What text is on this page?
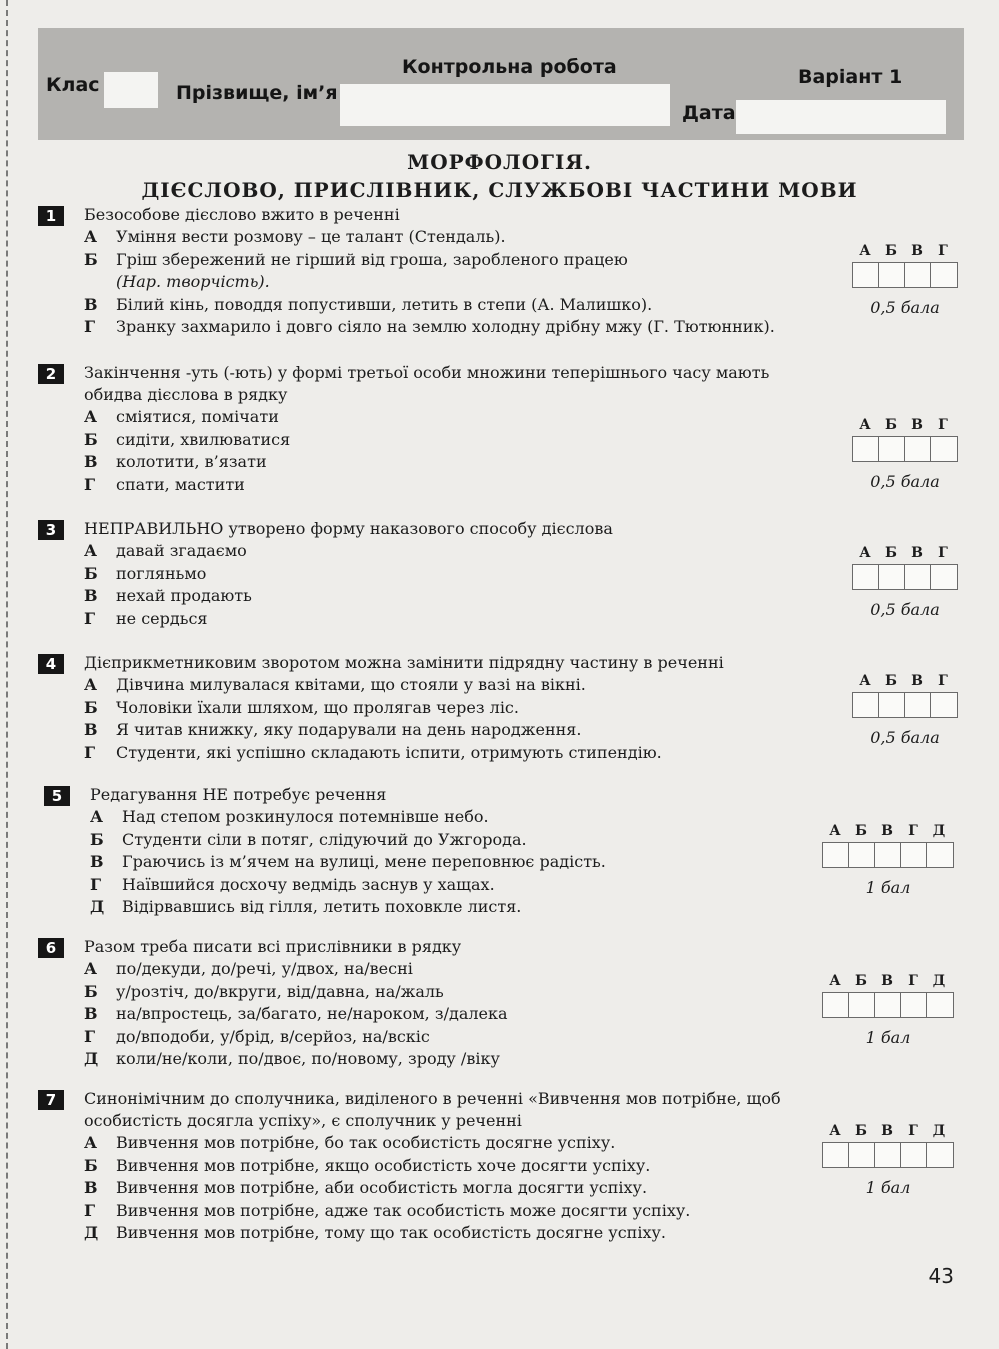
Контрольна робота
Клас	Прізвище, ім’я
Варіант 1
Дата
МОРФОЛОГІЯ.
ДІЄСЛОВО, ПРИСЛІВНИК, СЛУЖБОВІ ЧАСТИНИ МОВИ
1	Безособове дієслово вжито в реченні
А	Уміння вести розмову – це талант (Стендаль).
Б	Гріш збережений не гірший від гроша, заробленого працею
(Нар. творчість).
В	Білий кінь, поводдя попустивши, летить в степи (А. Малишко).
Г	Зранку захмарило і довго сіяло на землю холодну дрібну мжу (Г. Тютюнник).
А	Б	В	Г
0,5 бала
2	Закінчення -уть (-ють) у формі третьої особи множини теперішнього часу мають обидва дієслова в рядку
А	сміятися, помічати
Б	сидіти, хвилюватися
В	колотити, в’язати
Г	спати, мастити
А	Б	В	Г
0,5 бала
3	НЕПРАВИЛЬНО утворено форму наказового способу дієслова
А	давай згадаємо
Б	погляньмо
В	нехай продають
Г	не сердься
А	Б	В	Г
0,5 бала
4	Дієприкметниковим зворотом можна замінити підрядну частину в реченні
А	Дівчина милувалася квітами, що стояли у вазі на вікні.
Б	Чоловіки їхали шляхом, що пролягав через ліс.
В	Я читав книжку, яку подарували на день народження.
Г	Студенти, які успішно складають іспити, отримують стипендію.
А	Б	В	Г
0,5 бала
5	Редагування НЕ потребує речення
А	Над степом розкинулося потемнівше небо.
Б	Студенти сіли в потяг, слідуючий до Ужгорода.
В	Граючись із м’ячем на вулиці, мене переповнює радість.
Г	Наївшийся досхочу ведмідь заснув у хащах.
Д	Відірвавшись від гілля, летить поховкле листя.
А	Б	В	Г	Д
1 бал
6	Разом треба писати всі прислівники в рядку
А	по/декуди, до/речі, у/двох, на/весні
Б	у/розтіч, до/вкруги, від/давна, на/жаль
В	на/впростець, за/багато, не/нароком, з/далека
Г	до/вподоби, у/брід, в/серйоз, на/вскіс
Д	коли/не/коли, по/двоє, по/новому, зроду /віку
А	Б	В	Г	Д
1 бал
7	Синонімічним до сполучника, виділеного в реченні «Вивчення мов потрібне, щоб особистість досягла успіху», є сполучник у реченні
А	Вивчення мов потрібне, бо так особистість досягне успіху.
Б	Вивчення мов потрібне, якщо особистість хоче досягти успіху.
В	Вивчення мов потрібне, аби особистість могла досягти успіху.
Г	Вивчення мов потрібне, адже так особистість може досягти успіху.
Д	Вивчення мов потрібне, тому що так особистість досягне успіху.
А	Б	В	Г	Д
1 бал
43
